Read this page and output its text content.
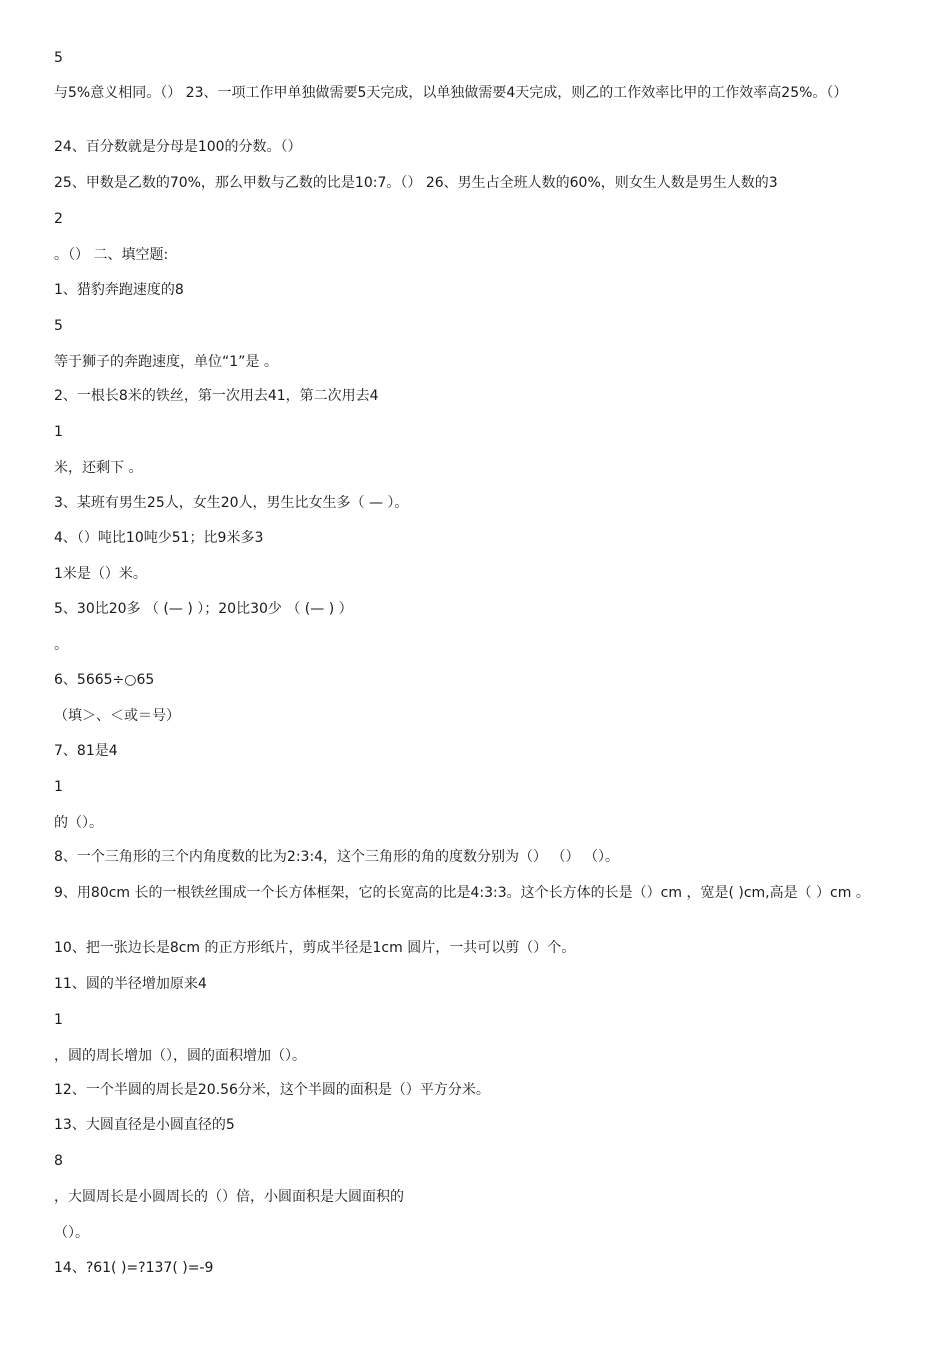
5
与5%意义相同。（） 23、一项工作甲单独做需要5天完成，以单独做需要4天完成，则乙的工作效率比甲的工作效率高25%。（）
24、百分数就是分母是100的分数。（）
25、甲数是乙数的70%，那么甲数与乙数的比是10:7。（） 26、男生占全班人数的60%，则女生人数是男生人数的3
2
。（） 二、填空题:
1、猎豹奔跑速度的8
5
等于狮子的奔跑速度，单位“1”是 。
2、一根长8米的铁丝，第一次用去41，第二次用去4
1
米，还剩下 。
3、某班有男生25人，女生20人，男生比女生多（ — ）。
4、（）吨比10吨少51；比9米多3
1米是（）米。
5、30比20多 （ (— ) ）；20比30少 （ (— ) ）
。
6、5665÷○65
（填＞、＜或＝号）
7、81是4
1
的（）。
8、一个三角形的三个内角度数的比为2:3:4，这个三角形的角的度数分别为（） （） （）。
9、用80cm 长的一根铁丝围成一个长方体框架，它的长宽高的比是4:3:3。这个长方体的长是（）cm ，宽是( )cm,高是（ ）cm 。
10、把一张边长是8cm 的正方形纸片，剪成半径是1cm 圆片，一共可以剪（）个。
11、圆的半径增加原来4
1
，圆的周长增加（），圆的面积增加（）。
12、一个半圆的周长是20.56分米，这个半圆的面积是（）平方分米。
13、大圆直径是小圆直径的5
8
，大圆周长是小圆周长的（）倍，小圆面积是大圆面积的
（）。
14、?61( )=?137( )=-9
